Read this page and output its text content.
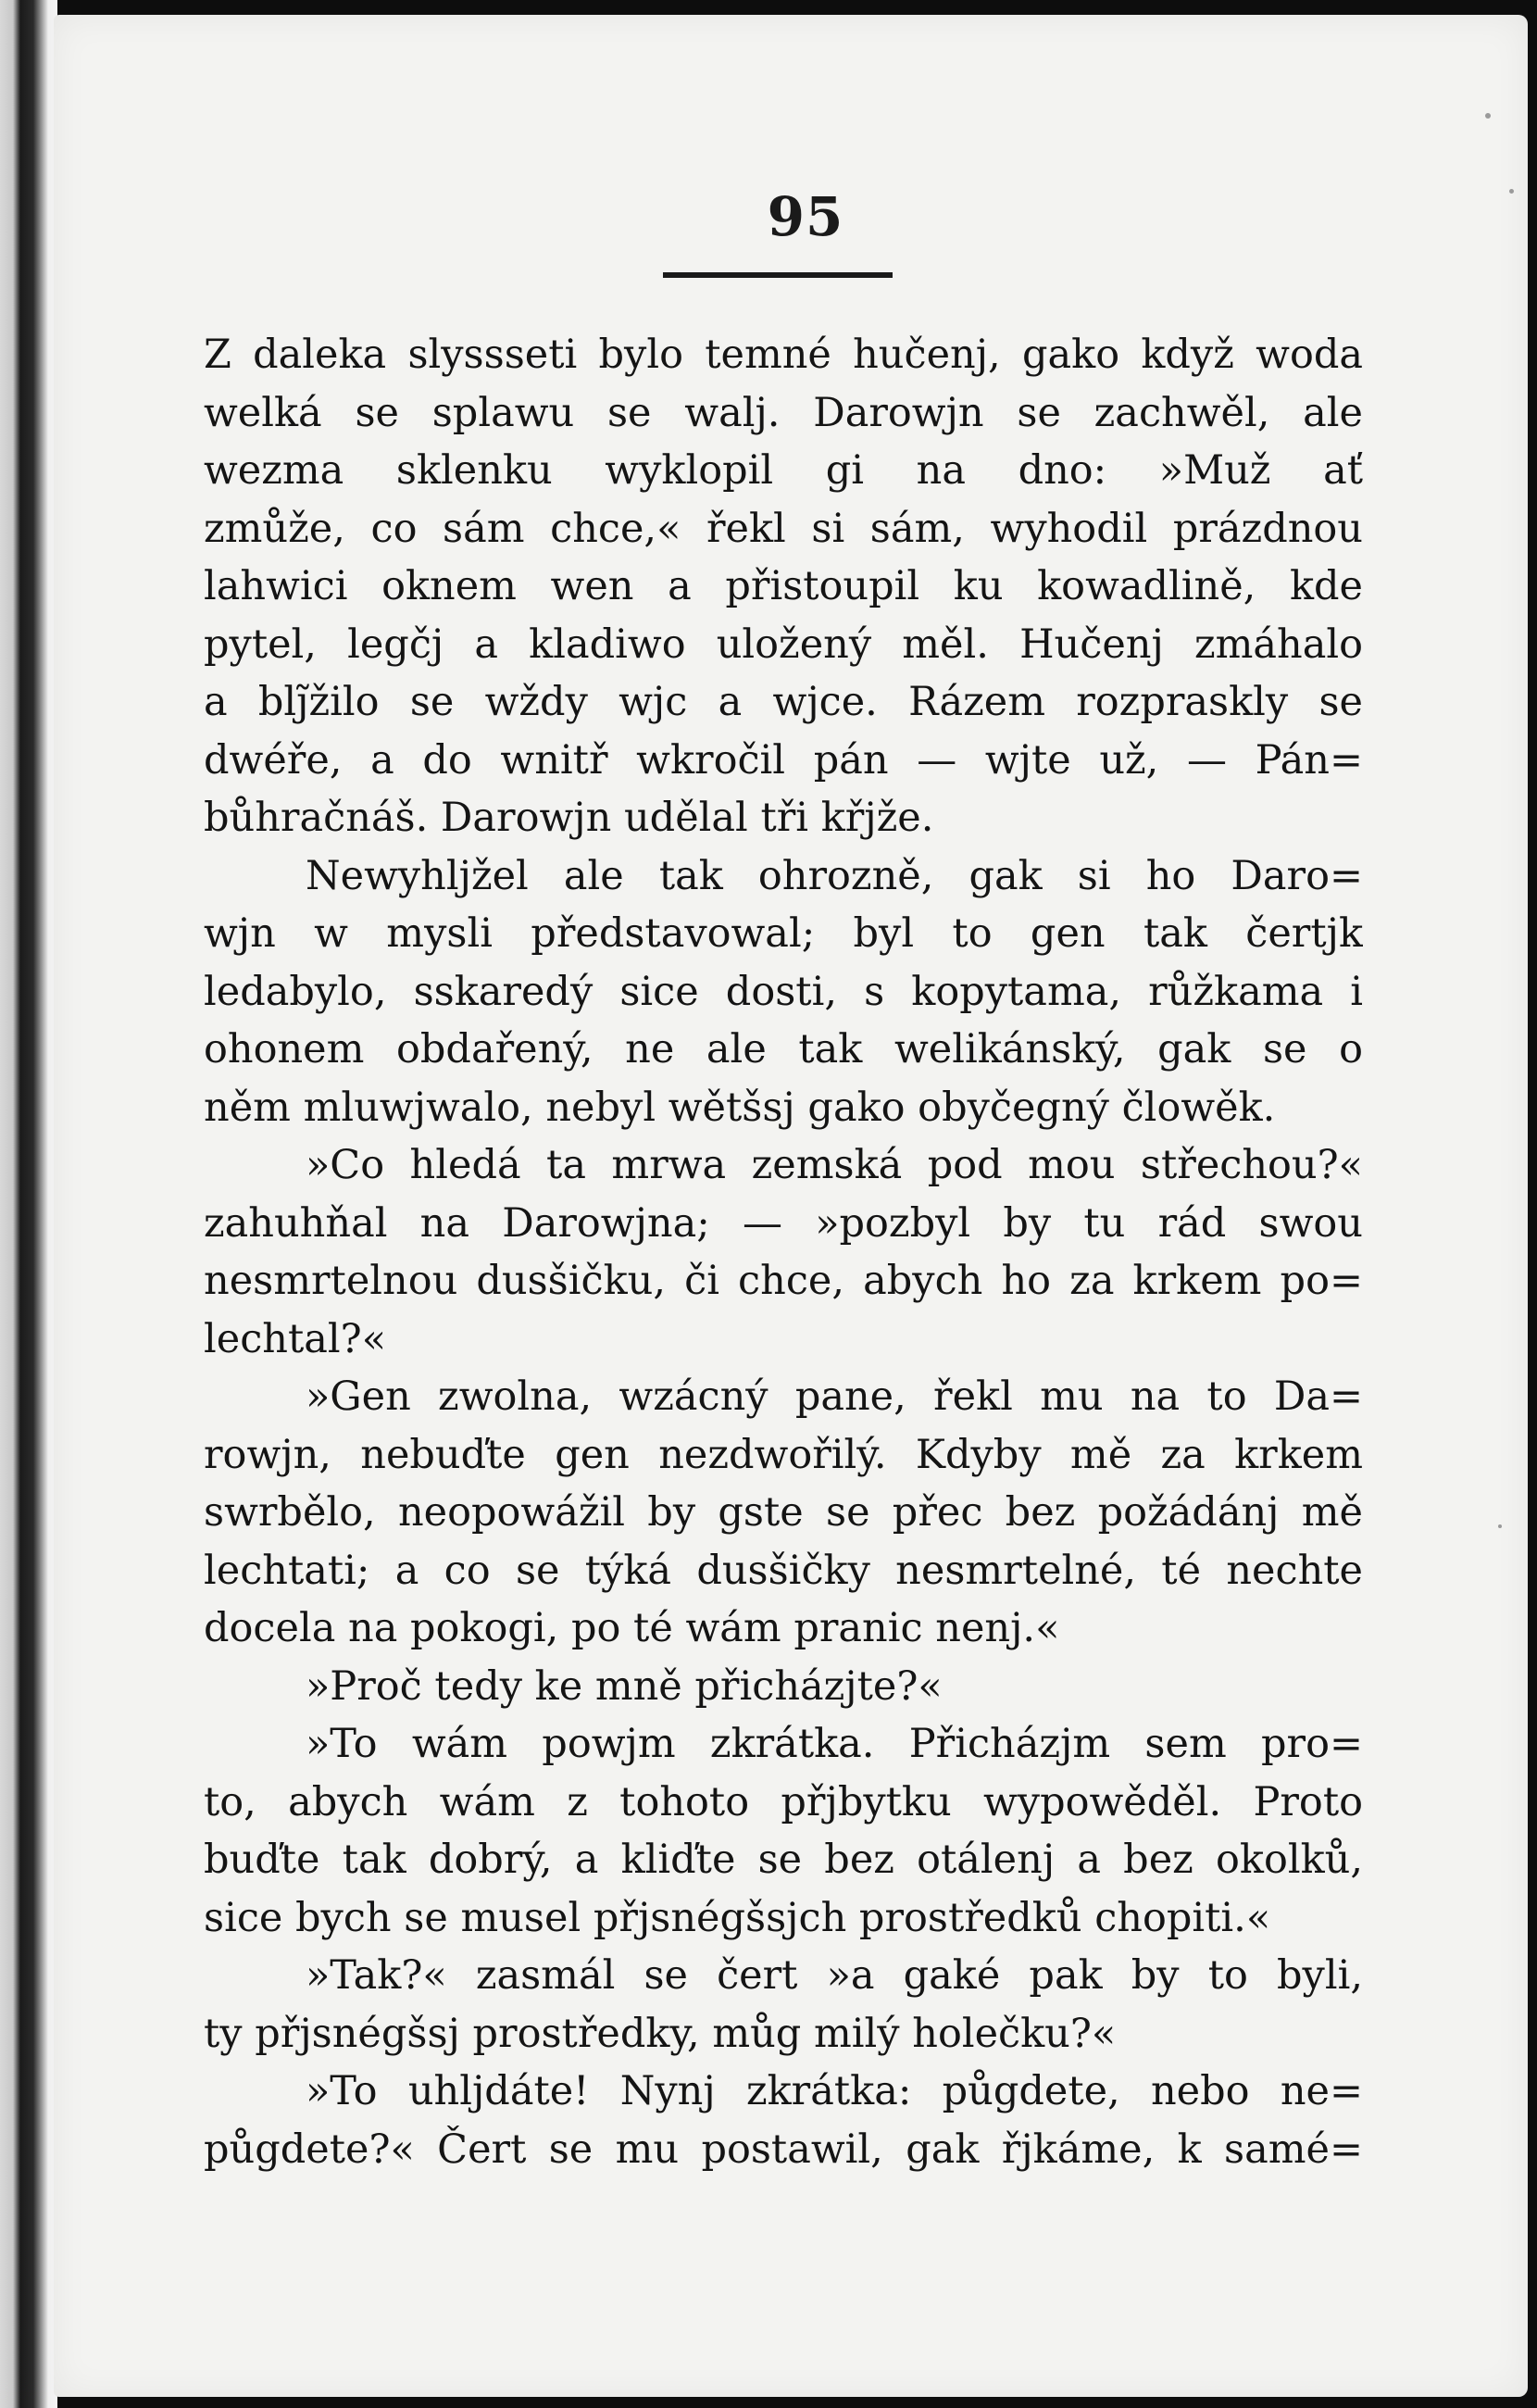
95
Z daleka slyssseti bylo temné hučenj, gako když woda
welká se splawu se walj. Darowjn se zachwěl, ale
wezma sklenku wyklopil gi na dno: »Muž ať
zmůže, co sám chce,« řekl si sám, wyhodil prázdnou
lahwici oknem wen a přistoupil ku kowadlině, kde
pytel, legčj a kladiwo uložený měl. Hučenj zmáhalo
a blj̃žilo se wždy wjc a wjce. Rázem rozpraskly se
dwéře, a do wnitř wkročil pán — wjte už, — Pán=
bůhračnáš. Darowjn udělal tři křjže.
Newyhljžel ale tak ohrozně, gak si ho Daro=
wjn w mysli představowal; byl to gen tak čertjk
ledabylo, sskaredý sice dosti, s kopytama, růžkama i
ohonem obdařený, ne ale tak welikánský, gak se o
něm mluwjwalo, nebyl wětšsj gako obyčegný člowěk.
»Co hledá ta mrwa zemská pod mou střechou?«
zahuhňal na Darowjna; — »pozbyl by tu rád swou
nesmrtelnou dusšičku, či chce, abych ho za krkem po=
lechtal?«
»Gen zwolna, wzácný pane, řekl mu na to Da=
rowjn, nebuďte gen nezdwořilý. Kdyby mě za krkem
swrbělo, neopowážil by gste se přec bez požádánj mě
lechtati; a co se týká dusšičky nesmrtelné, té nechte
docela na pokogi, po té wám pranic nenj.«
»Proč tedy ke mně přicházjte?«
»To wám powjm zkrátka. Přicházjm sem pro=
to, abych wám z tohoto přjbytku wypowěděl. Proto
buďte tak dobrý, a kliďte se bez otálenj a bez okolků,
sice bych se musel přjsnégšsjch prostředků chopiti.«
»Tak?« zasmál se čert »a gaké pak by to byli,
ty přjsnégšsj prostředky, můg milý holečku?«
»To uhljdáte! Nynj zkrátka: půgdete, nebo ne=
půgdete?« Čert se mu postawil, gak řjkáme, k samé=
